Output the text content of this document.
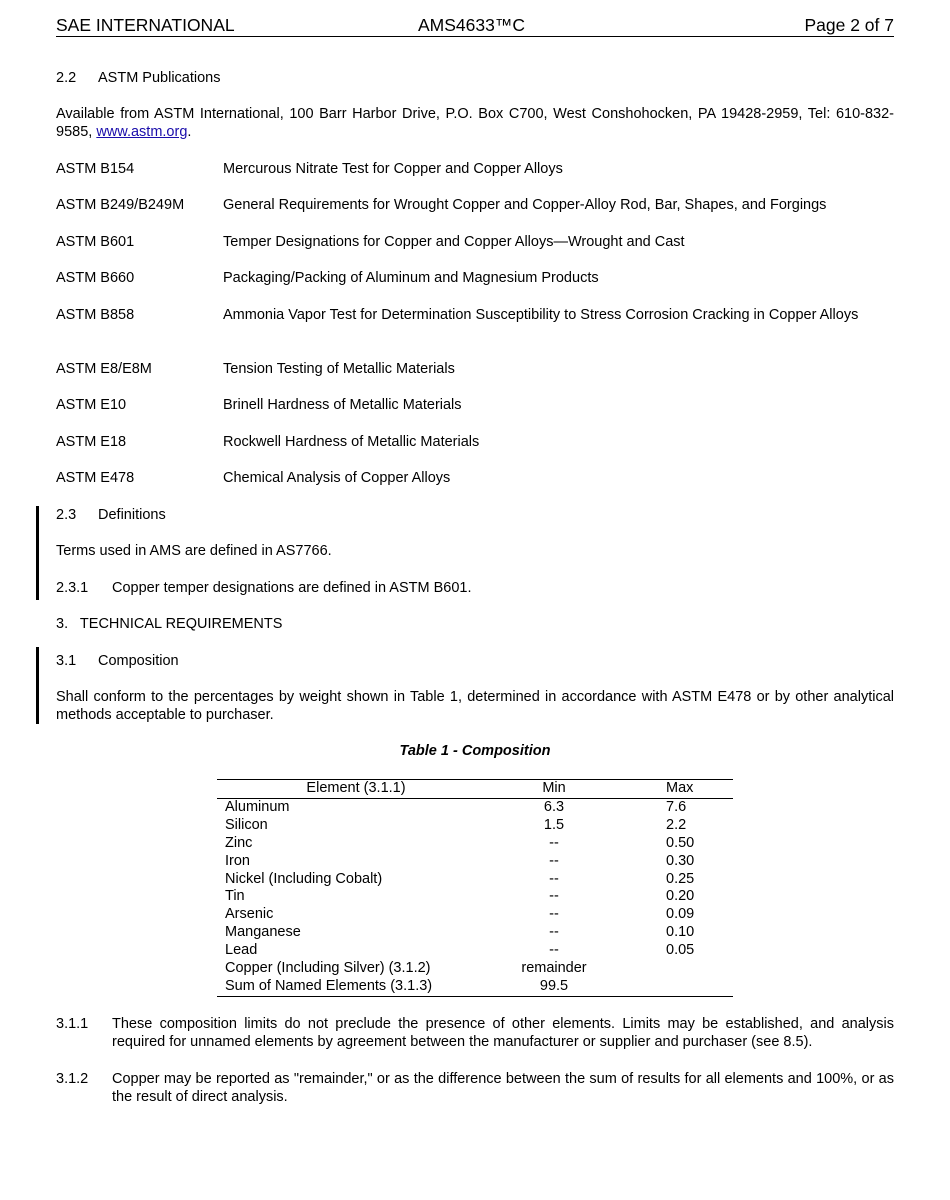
SAE INTERNATIONAL	AMS4633™C	Page 2 of 7
2.2 ASTM Publications
Available from ASTM International, 100 Barr Harbor Drive, P.O. Box C700, West Conshohocken, PA 19428-2959, Tel: 610-832-9585, www.astm.org.
ASTM B154	Mercurous Nitrate Test for Copper and Copper Alloys
ASTM B249/B249M	General Requirements for Wrought Copper and Copper-Alloy Rod, Bar, Shapes, and Forgings
ASTM B601	Temper Designations for Copper and Copper Alloys—Wrought and Cast
ASTM B660	Packaging/Packing of Aluminum and Magnesium Products
ASTM B858	Ammonia Vapor Test for Determination Susceptibility to Stress Corrosion Cracking in Copper Alloys
ASTM E8/E8M	Tension Testing of Metallic Materials
ASTM E10	Brinell Hardness of Metallic Materials
ASTM E18	Rockwell Hardness of Metallic Materials
ASTM E478	Chemical Analysis of Copper Alloys
2.3 Definitions
Terms used in AMS are defined in AS7766.
2.3.1 Copper temper designations are defined in ASTM B601.
3.   TECHNICAL REQUIREMENTS
3.1 Composition
Shall conform to the percentages by weight shown in Table 1, determined in accordance with ASTM E478 or by other analytical methods acceptable to purchaser.
Table 1 - Composition
Element (3.1.1)	Min	Max
Aluminum	6.3	7.6
Silicon	1.5	2.2
Zinc	--	0.50
Iron	--	0.30
Nickel (Including Cobalt)	--	0.25
Tin	--	0.20
Arsenic	--	0.09
Manganese	--	0.10
Lead	--	0.05
Copper (Including Silver) (3.1.2)	remainder	
Sum of Named Elements (3.1.3)	99.5	
3.1.1 These composition limits do not preclude the presence of other elements. Limits may be established, and analysis required for unnamed elements by agreement between the manufacturer or supplier and purchaser (see 8.5).
3.1.2 Copper may be reported as "remainder," or as the difference between the sum of results for all elements and 100%, or as the result of direct analysis.
